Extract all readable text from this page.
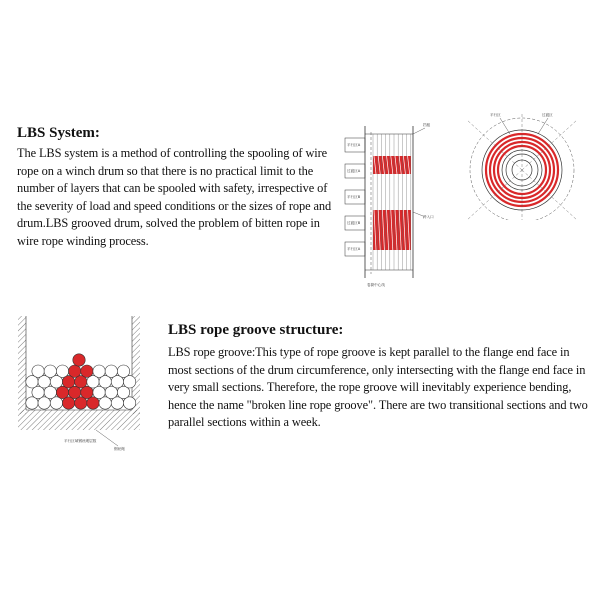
LBS System:
The LBS system is a method of controlling the spooling of wire rope on a winch drum so that there is no practical limit to the number of layers that can be spooled with safety, irrespective of the severity of load and speed conditions or the sizes of rope and drum.LBS grooved drum, solved the problem of bitten rope in wire rope winding process.
LBS rope groove structure:
LBS rope groove:This type of rope groove is kept parallel to the flange end face in most sections of the drum circumference, only intersecting with the flange end face in very small sections. Therefore, the rope groove will inevitably experience bending, hence the name "broken line rope groove". There are two transitional sections and two parallel sections within a week.
平行区A
过渡区A
平行区B
过渡区B
平行区A
挡板
跨入口
卷筒中心线
平行区	过渡区
钢丝绳
平行区域钢丝绳层数
